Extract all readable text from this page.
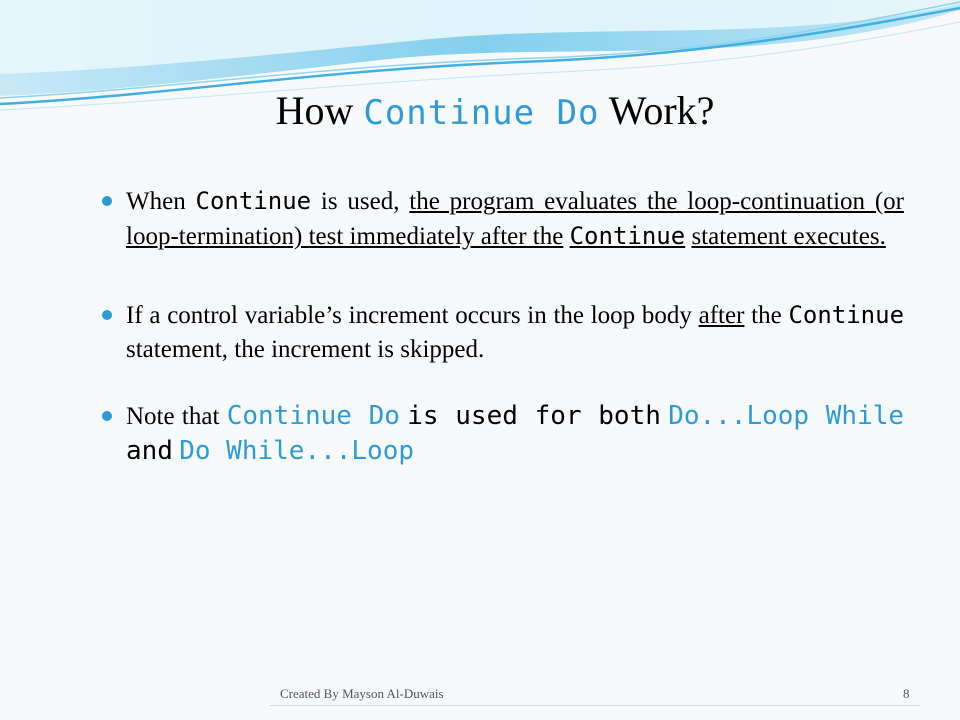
How Continue Do Work?
When Continue is used, the program evaluates the loop-continuation (or loop-termination) test immediately after the Continue statement executes.
If a control variable’s increment occurs in the loop body after the Continue statement, the increment is skipped.
Note that Continue Do is used for both Do...Loop While and Do While...Loop
Created By Mayson Al-Duwais	8
